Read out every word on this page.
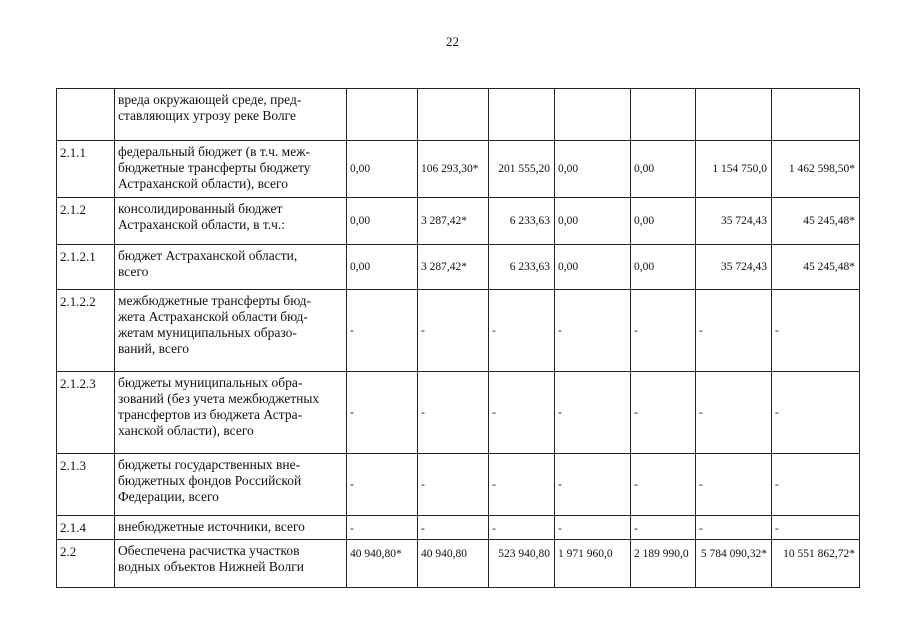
22

	вреда окружающей среде, пред-
ставляющих угрозу реке Волге							

2.1.1	федеральный бюджет (в т.ч. меж-
бюджетные трансферты бюджету
Астраханской области), всего	0,00	106 293,30*	201 555,20	0,00	0,00	1 154 750,0	1 462 598,50*
2.1.2	консолидированный бюджет
Астраханской области, в т.ч.:	0,00	3 287,42*	6 233,63	0,00	0,00	35 724,43	45 245,48*
2.1.2.1	бюджет Астраханской области,
всего	0,00	3 287,42*	6 233,63	0,00	0,00	35 724,43	45 245,48*
2.1.2.2	межбюджетные трансферты бюд-
жета Астраханской области бюд-
жетам муниципальных образо-
ваний, всего	-	-	-	-	-	-	-
2.1.2.3	бюджеты муниципальных обра-
зований (без учета межбюджетных
трансфертов из бюджета Астра-
ханской области), всего	-	-	-	-	-	-	-
2.1.3	бюджеты государственных вне-
бюджетных фондов Российской
Федерации, всего	-	-	-	-	-	-	-
2.1.4	внебюджетные источники, всего	-	-	-	-	-	-	-
2.2	Обеспечена расчистка участков
водных объектов Нижней Волги	40 940,80*	40 940,80	523 940,80	1 971 960,0	2 189 990,0	5 784 090,32*	10 551 862,72*
